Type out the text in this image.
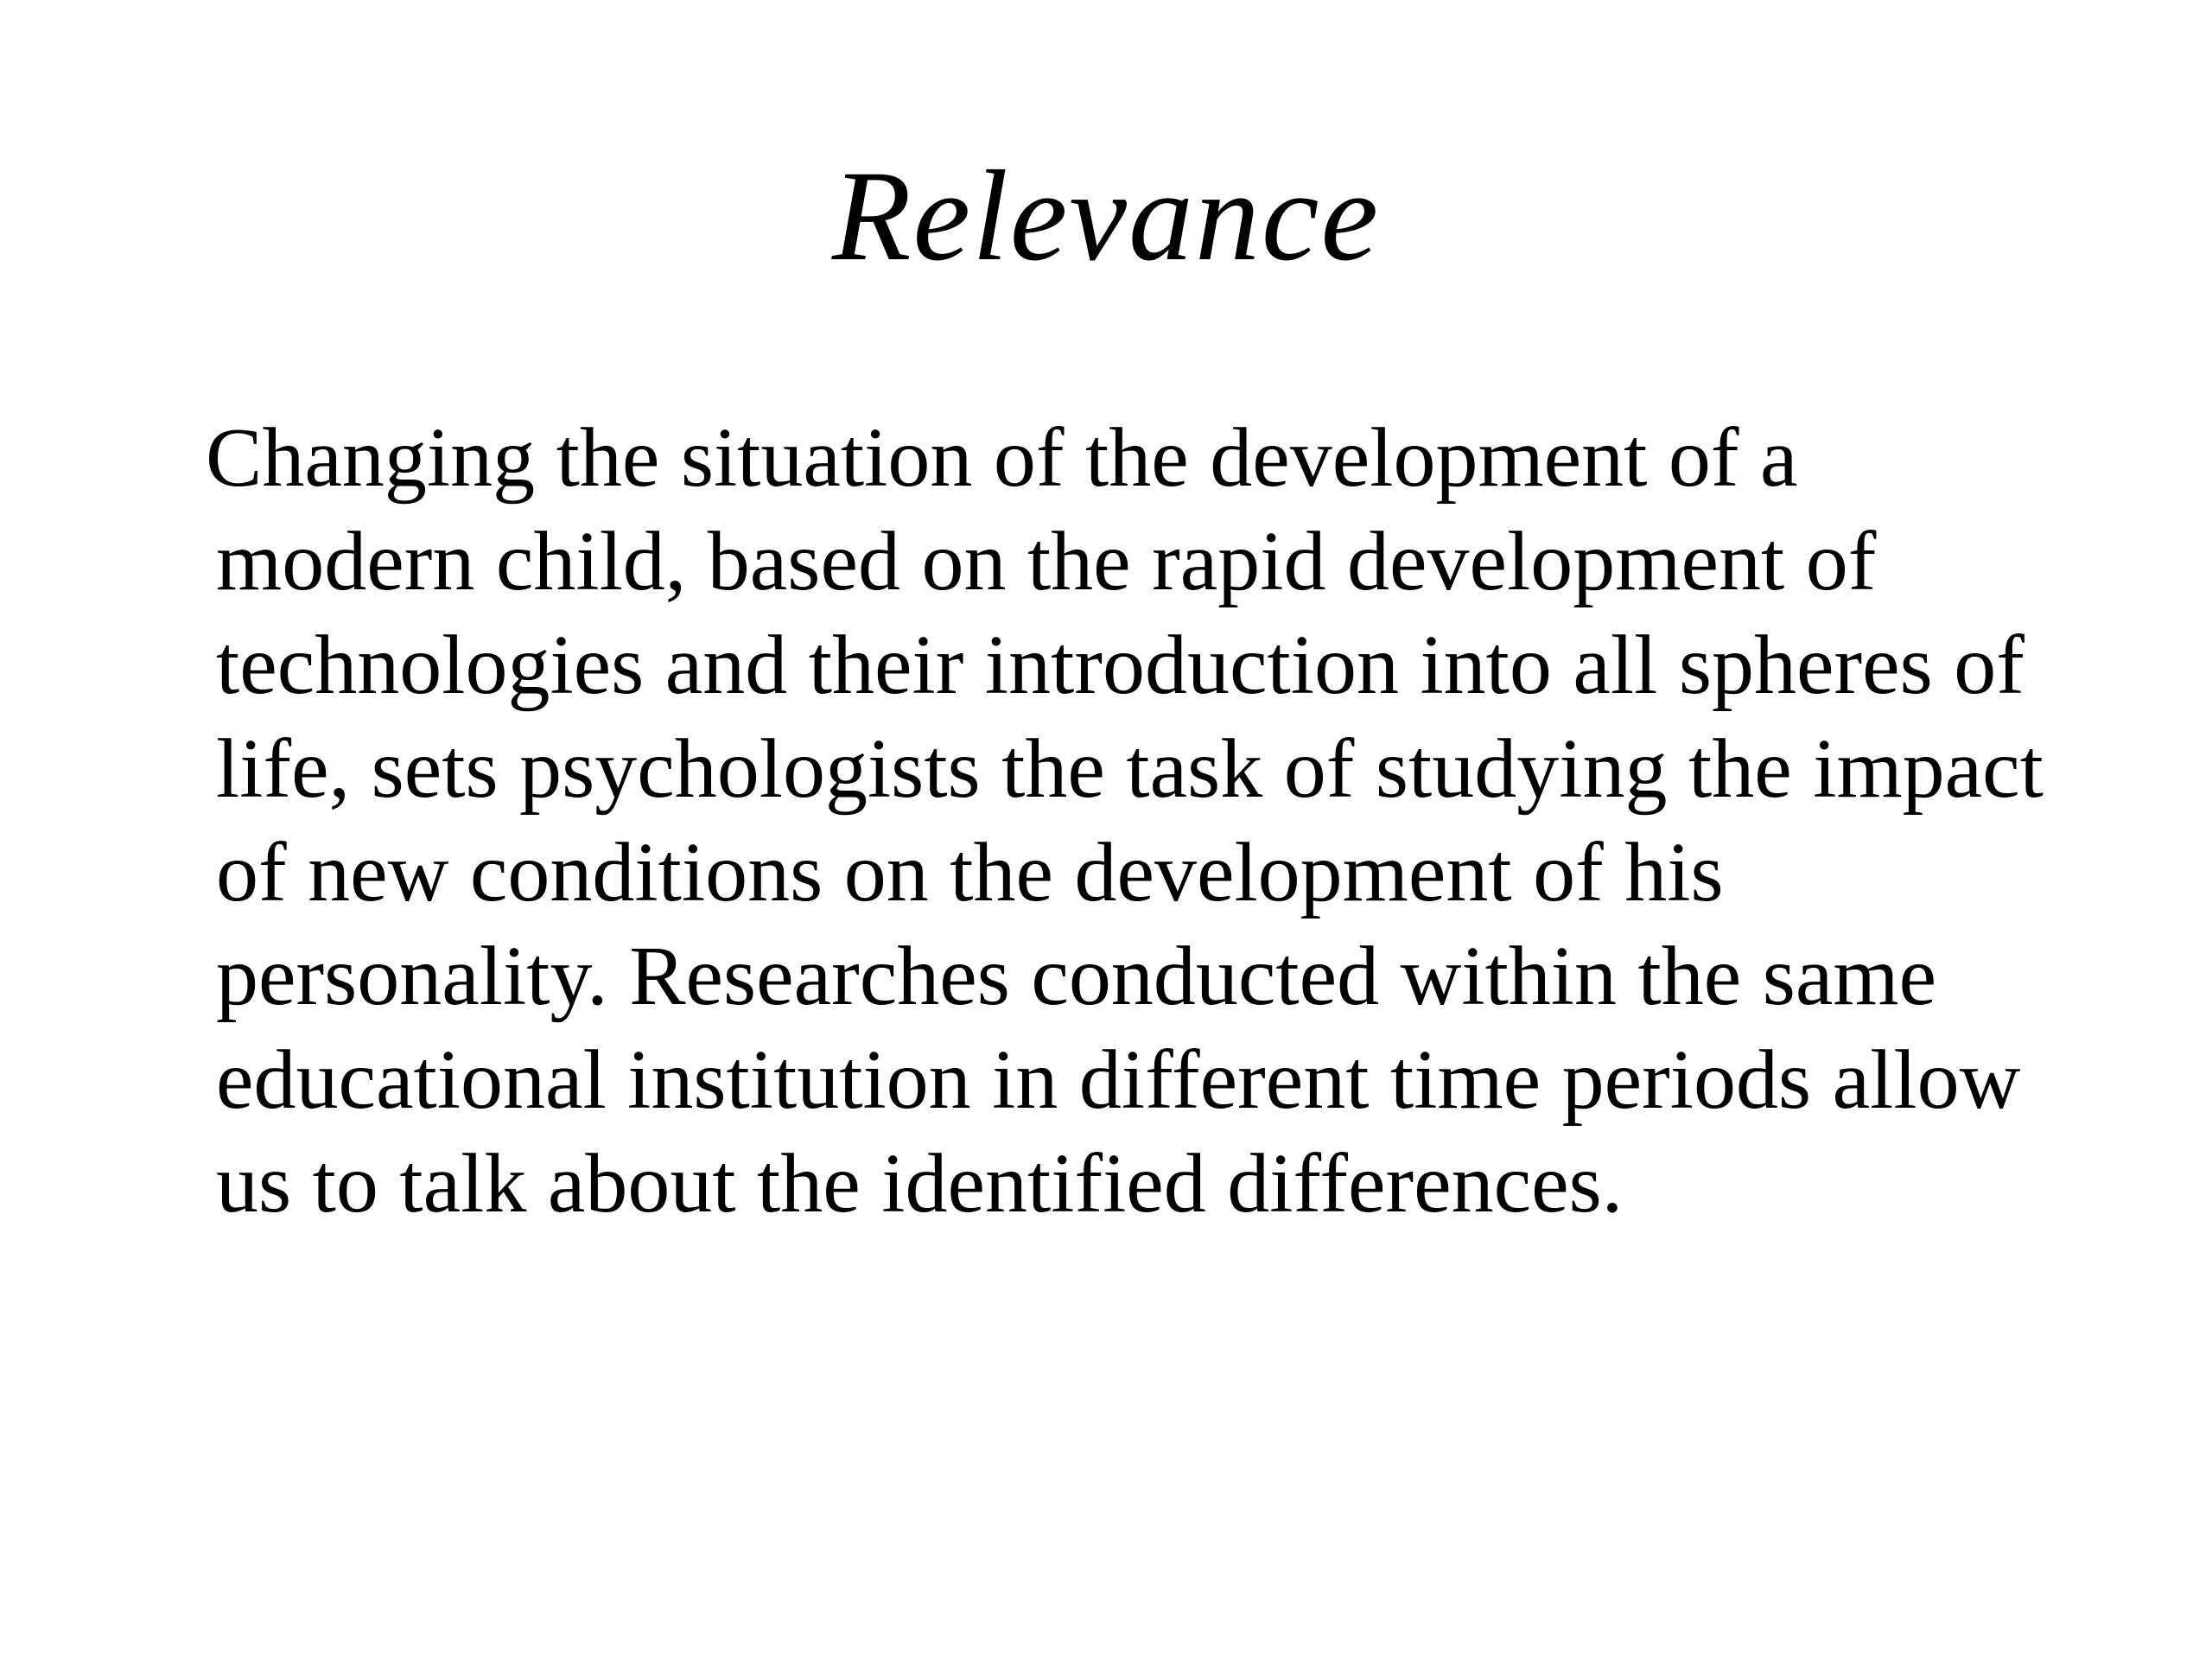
Relevance
Changing the situation of the development of a
modern child, based on the rapid development of
technologies and their introduction into all spheres of
life, sets psychologists the task of studying the impact
of new conditions on the development of his
personality. Researches conducted within the same
educational institution in different time periods allow
us to talk about the identified differences.
